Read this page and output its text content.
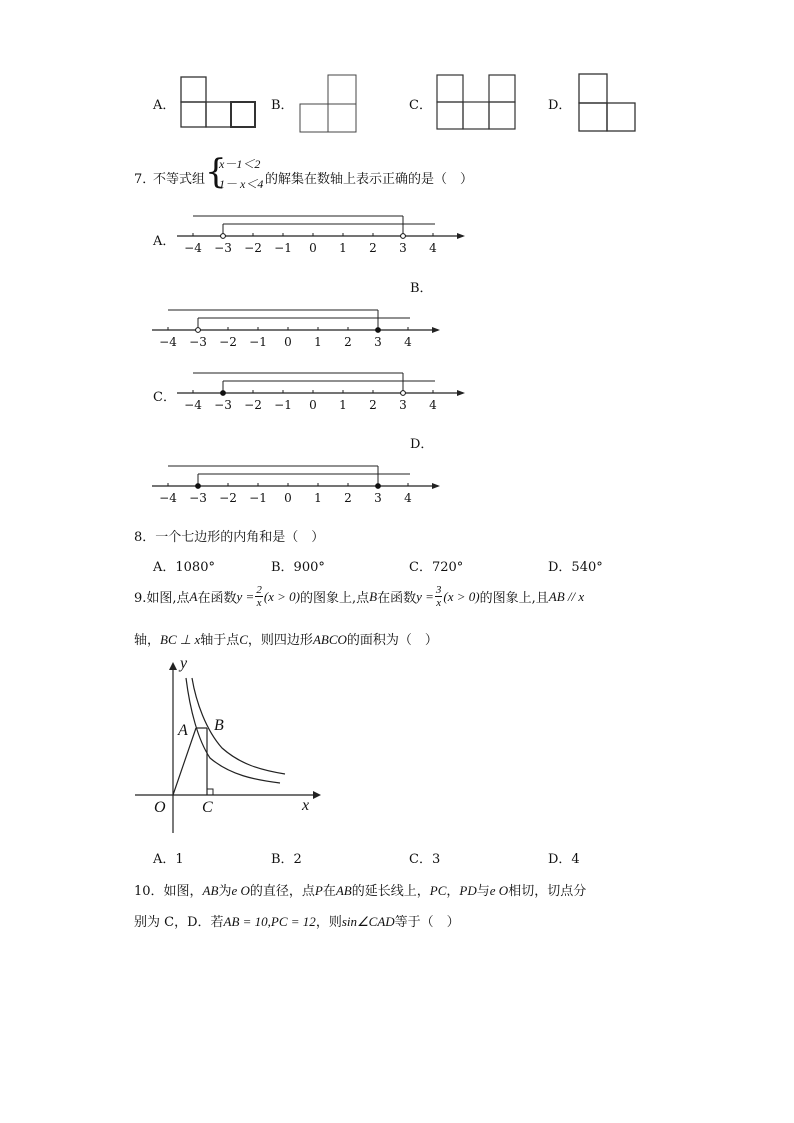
A．	B．	C．	D．
7．
不等式组 {
x－1＜2
1－ x＜4 的解集在数轴上表示正确的是（　）
A． −4 −3 −2 −1 0 1 2 3 4
B．
−4 −3 −2 −1 0 1 2 3 4
C． −4 −3 −2 −1 0 1 2 3 4
D．
−4 −3 −2 −1 0 1 2 3 4
8．一个七边形的内角和是（　）
A．1080°	B．900°	C．720°	D．540°
9.如图,点 A 在函数 $y = \frac{2}{x} (x > 0)$ 的图象上,点 B 在函数 $y = \frac{3}{x} (x > 0)$ 的图象上,且 AB // x
轴，BC ⊥ x轴于点C，则四边形ABCO的面积为（　）
y
x
A B
O C
A．1	B．2	C．3	D．4
10．如图，AB为e O的直径，点P在AB的延长线上，PC，PD与e O相切，切点分
别为 C，D．若AB = 10,PC = 12，则sin∠CAD等于（　）
